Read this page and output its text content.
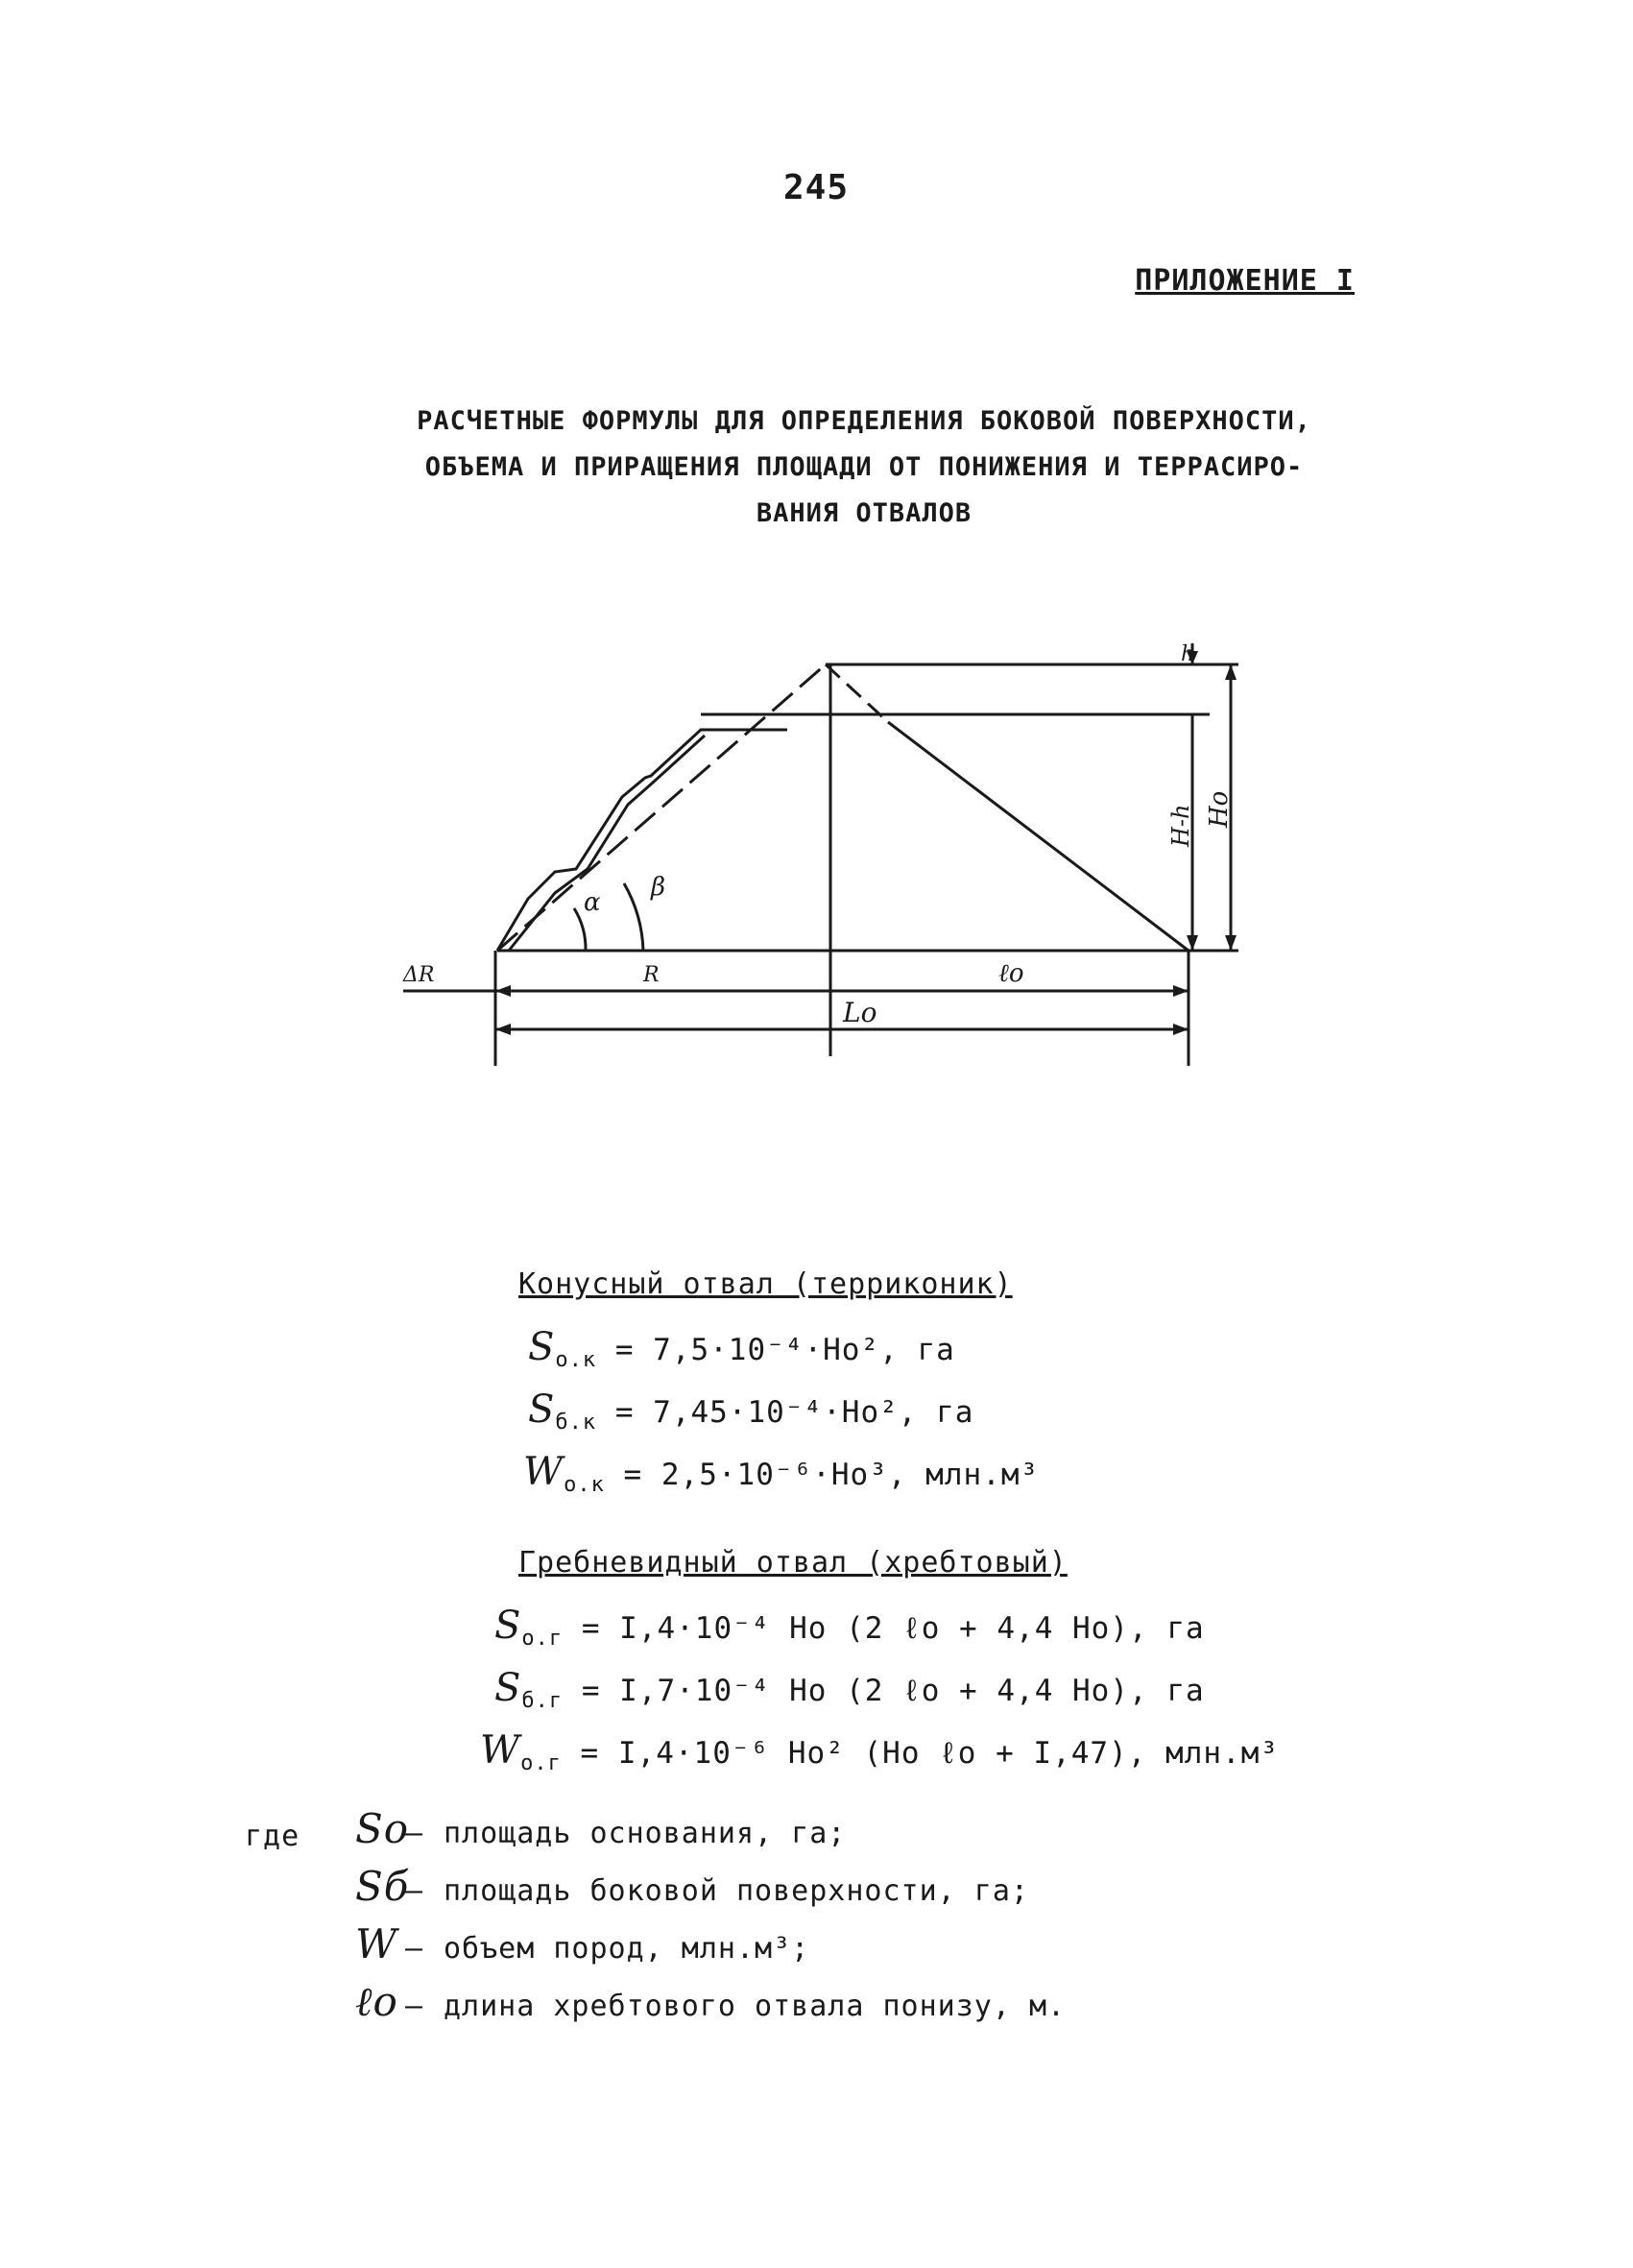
245
ПРИЛОЖЕНИЕ I
РАСЧЕТНЫЕ ФОРМУЛЫ ДЛЯ ОПРЕДЕЛЕНИЯ БОКОВОЙ ПОВЕРХНОСТИ,
ОБЪЕМА И ПРИРАЩЕНИЯ ПЛОЩАДИ ОТ ПОНИЖЕНИЯ И ТЕРРАСИРО-
ВАНИЯ ОТВАЛОВ
h
H-h Hо
α
β
ΔR	R	ℓо
Lо
Конусный отвал (терриконик)
$S_{о.к} = 7,5\cdot 10^{-4}\cdot Hо^2$, га
$S_{б.к} = 7,45\cdot 10^{-4}\cdot Hо^2$, га
$W_{о.к} = 2,5\cdot 10^{-6}\cdot Hо^3$, млн.м³
Гребневидный отвал (хребтовый)
$S_{о.г} = I,4\cdot 10^{-4}$ Hо (2 ℓо + 4,4 Hо), га
$S_{б.г} = I,7\cdot 10^{-4}$ Hо (2 ℓо + 4,4 Hо), га
$W_{о.г} = I,4\cdot 10^{-6}$ Hо² (Hо ℓо + I,47), млн.м³
где Sо– площадь основания, га;
Sб– площадь боковой поверхности, га;
W – объем пород, млн.м³;
ℓо – длина хребтового отвала понизу, м.
